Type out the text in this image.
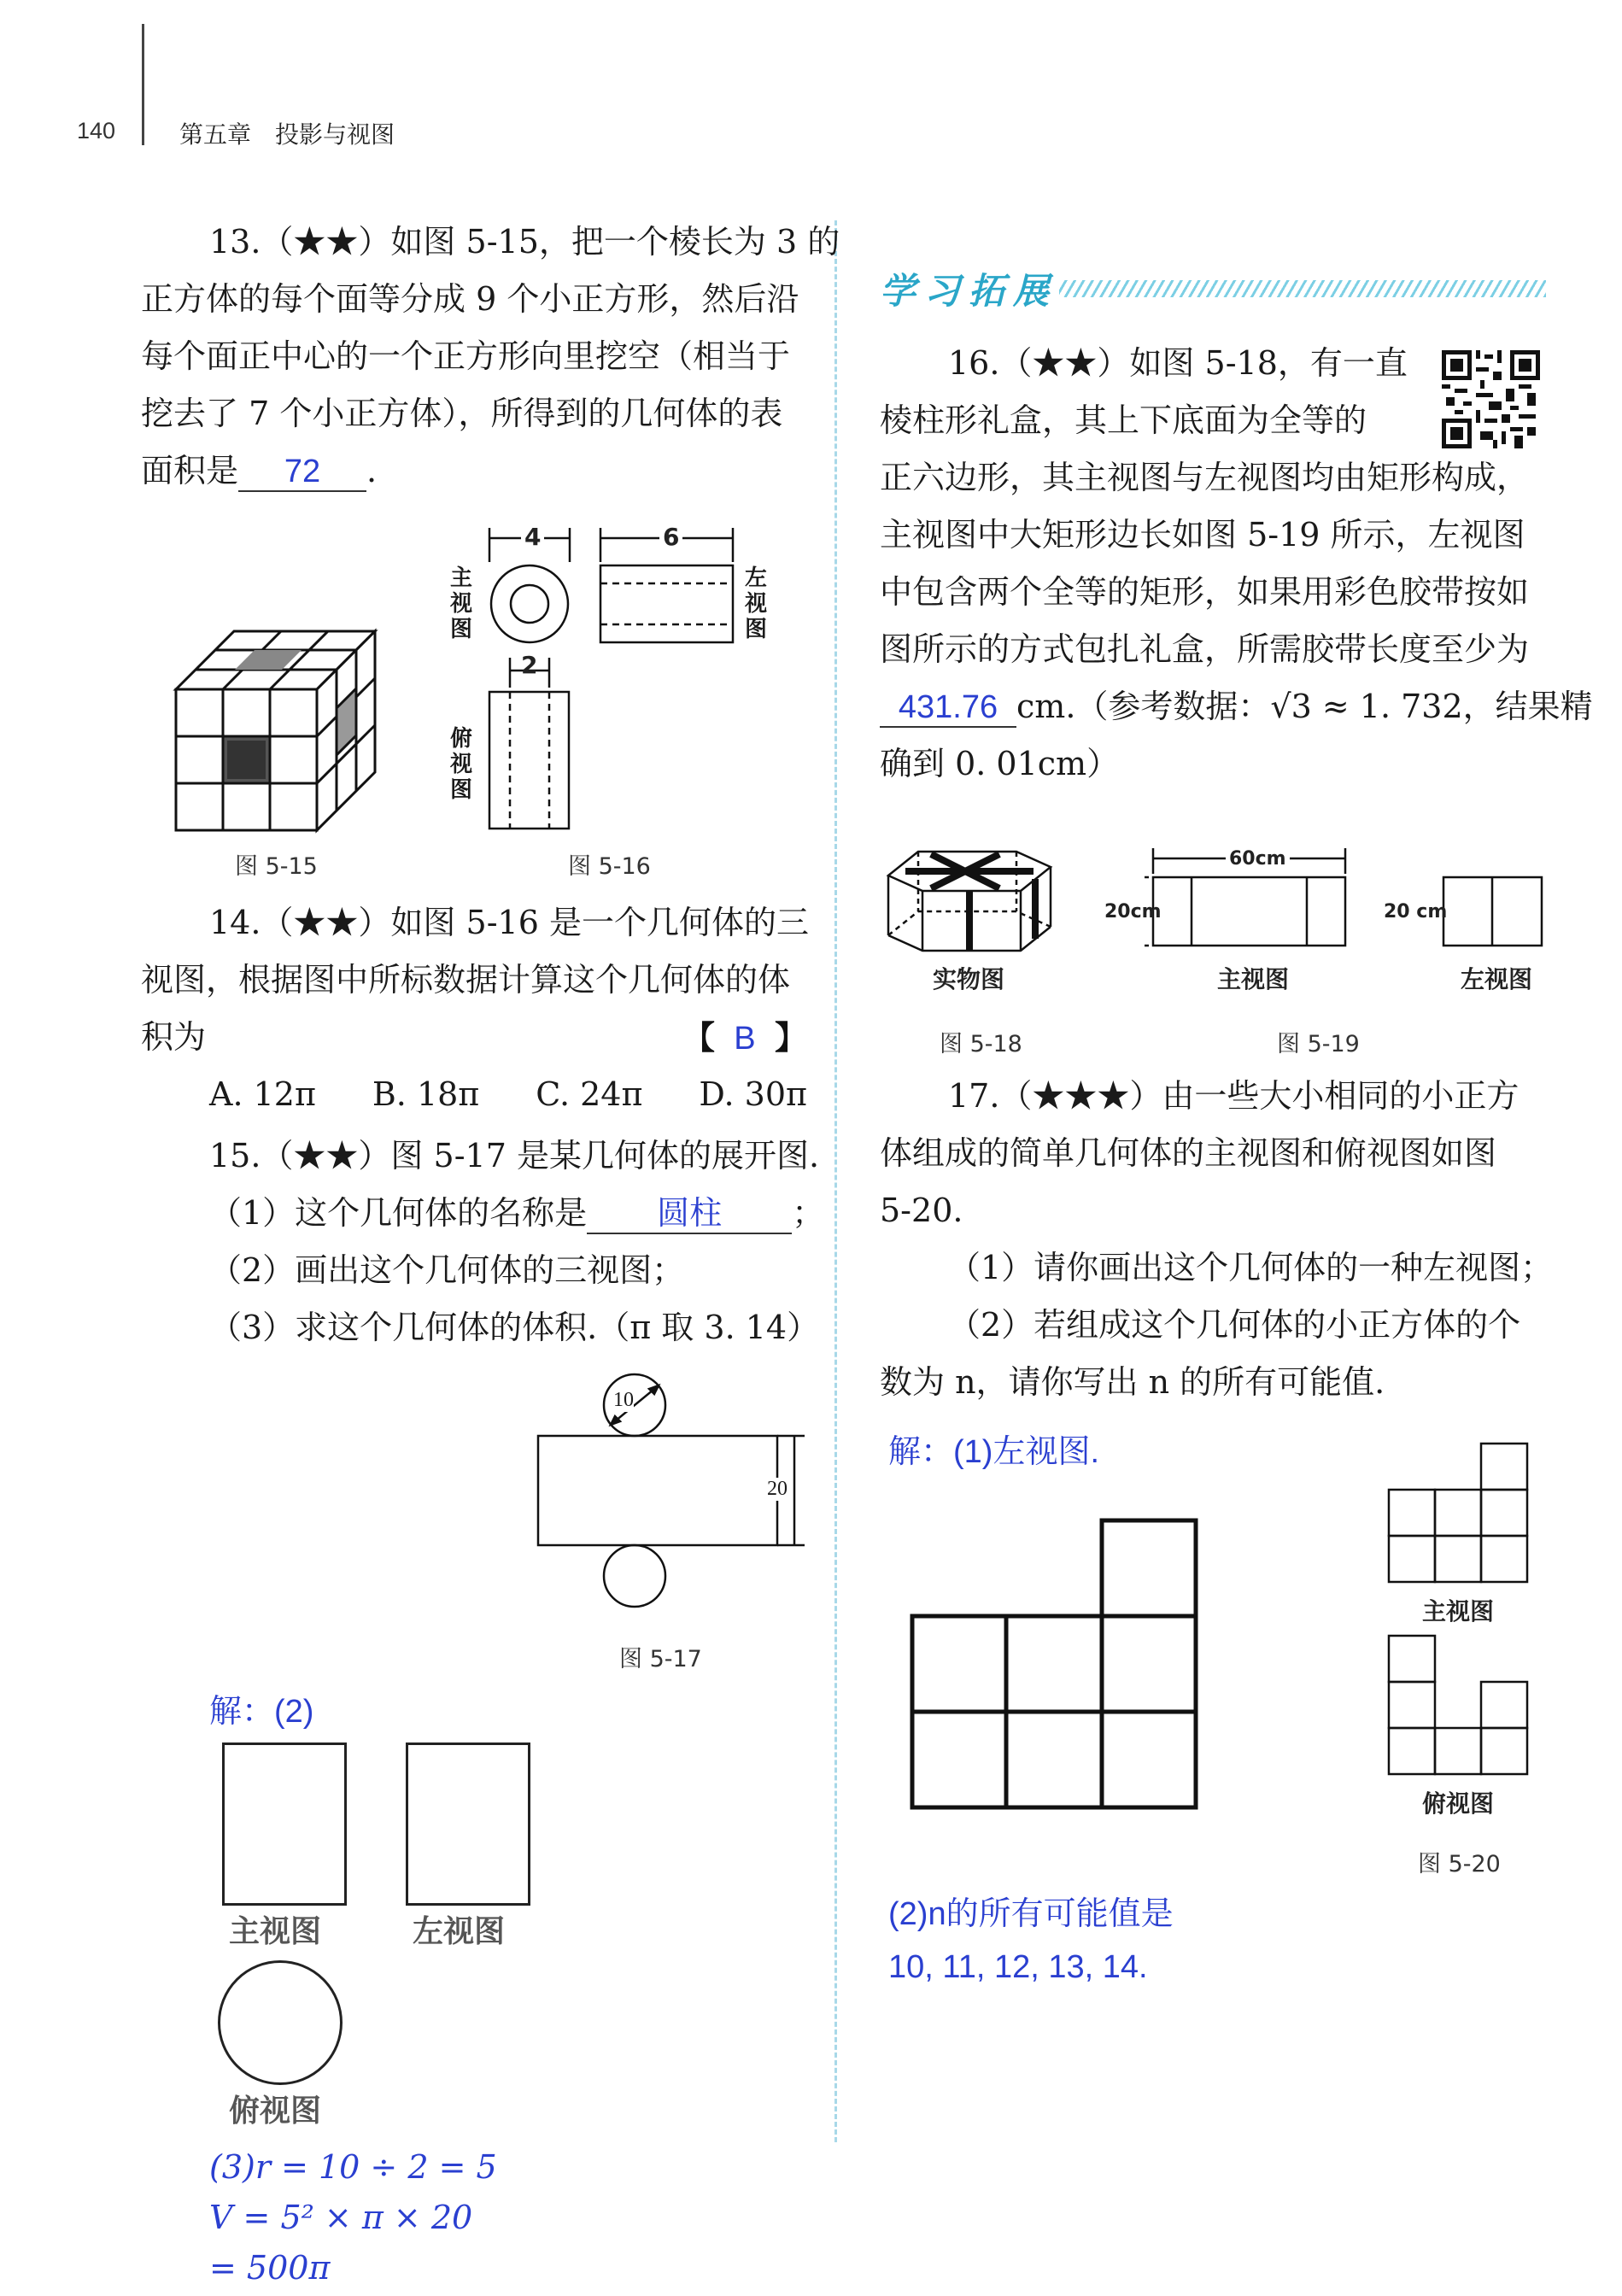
140	第五章　投影与视图
13.（★★）如图 5-15，把一个棱长为 3 的
正方体的每个面等分成 9 个小正方形，然后沿
每个面正中心的一个正方形向里挖空（相当于
挖去了 7 个小正方体），所得到的几何体的表
面积是 72 .
图 5-15
4	6
2
主
视
图
左
视
图
俯
视
图
图 5-16
14.（★★）如图 5-16 是一个几何体的三
视图，根据图中所标数据计算这个几何体的体
积为	【 B 】
A. 12π B. 18π C. 24π D. 30π
15.（★★）图 5-17 是某几何体的展开图.
（1）这个几何体的名称是 圆柱 ；
（2）画出这个几何体的三视图；
（3）求这个几何体的体积.（π 取 3. 14）
10
20
图 5-17
解：(2)
主视图	左视图
俯视图
(3)r = 10 ÷ 2 = 5
V = 5² × π × 20
= 500π
学习拓展
16.（★★）如图 5-18，有一直
棱柱形礼盒，其上下底面为全等的
正六边形，其主视图与左视图均由矩形构成，
主视图中大矩形边长如图 5-19 所示，左视图
中包含两个全等的矩形，如果用彩色胶带按如
图所示的方式包扎礼盒，所需胶带长度至少为
431.76 cm.（参考数据：√3 ≈ 1. 732，结果精
确到 0. 01cm）
实物图
图 5-18
60cm
20cm	20 cm
主视图	左视图
图 5-19
17.（★★★）由一些大小相同的小正方
体组成的简单几何体的主视图和俯视图如图
5-20.
（1）请你画出这个几何体的一种左视图；
（2）若组成这个几何体的小正方体的个
数为 n，请你写出 n 的所有可能值.
解：(1)左视图.
主视图
俯视图
图 5-20
(2)n的所有可能值是
10, 11, 12, 13, 14.
